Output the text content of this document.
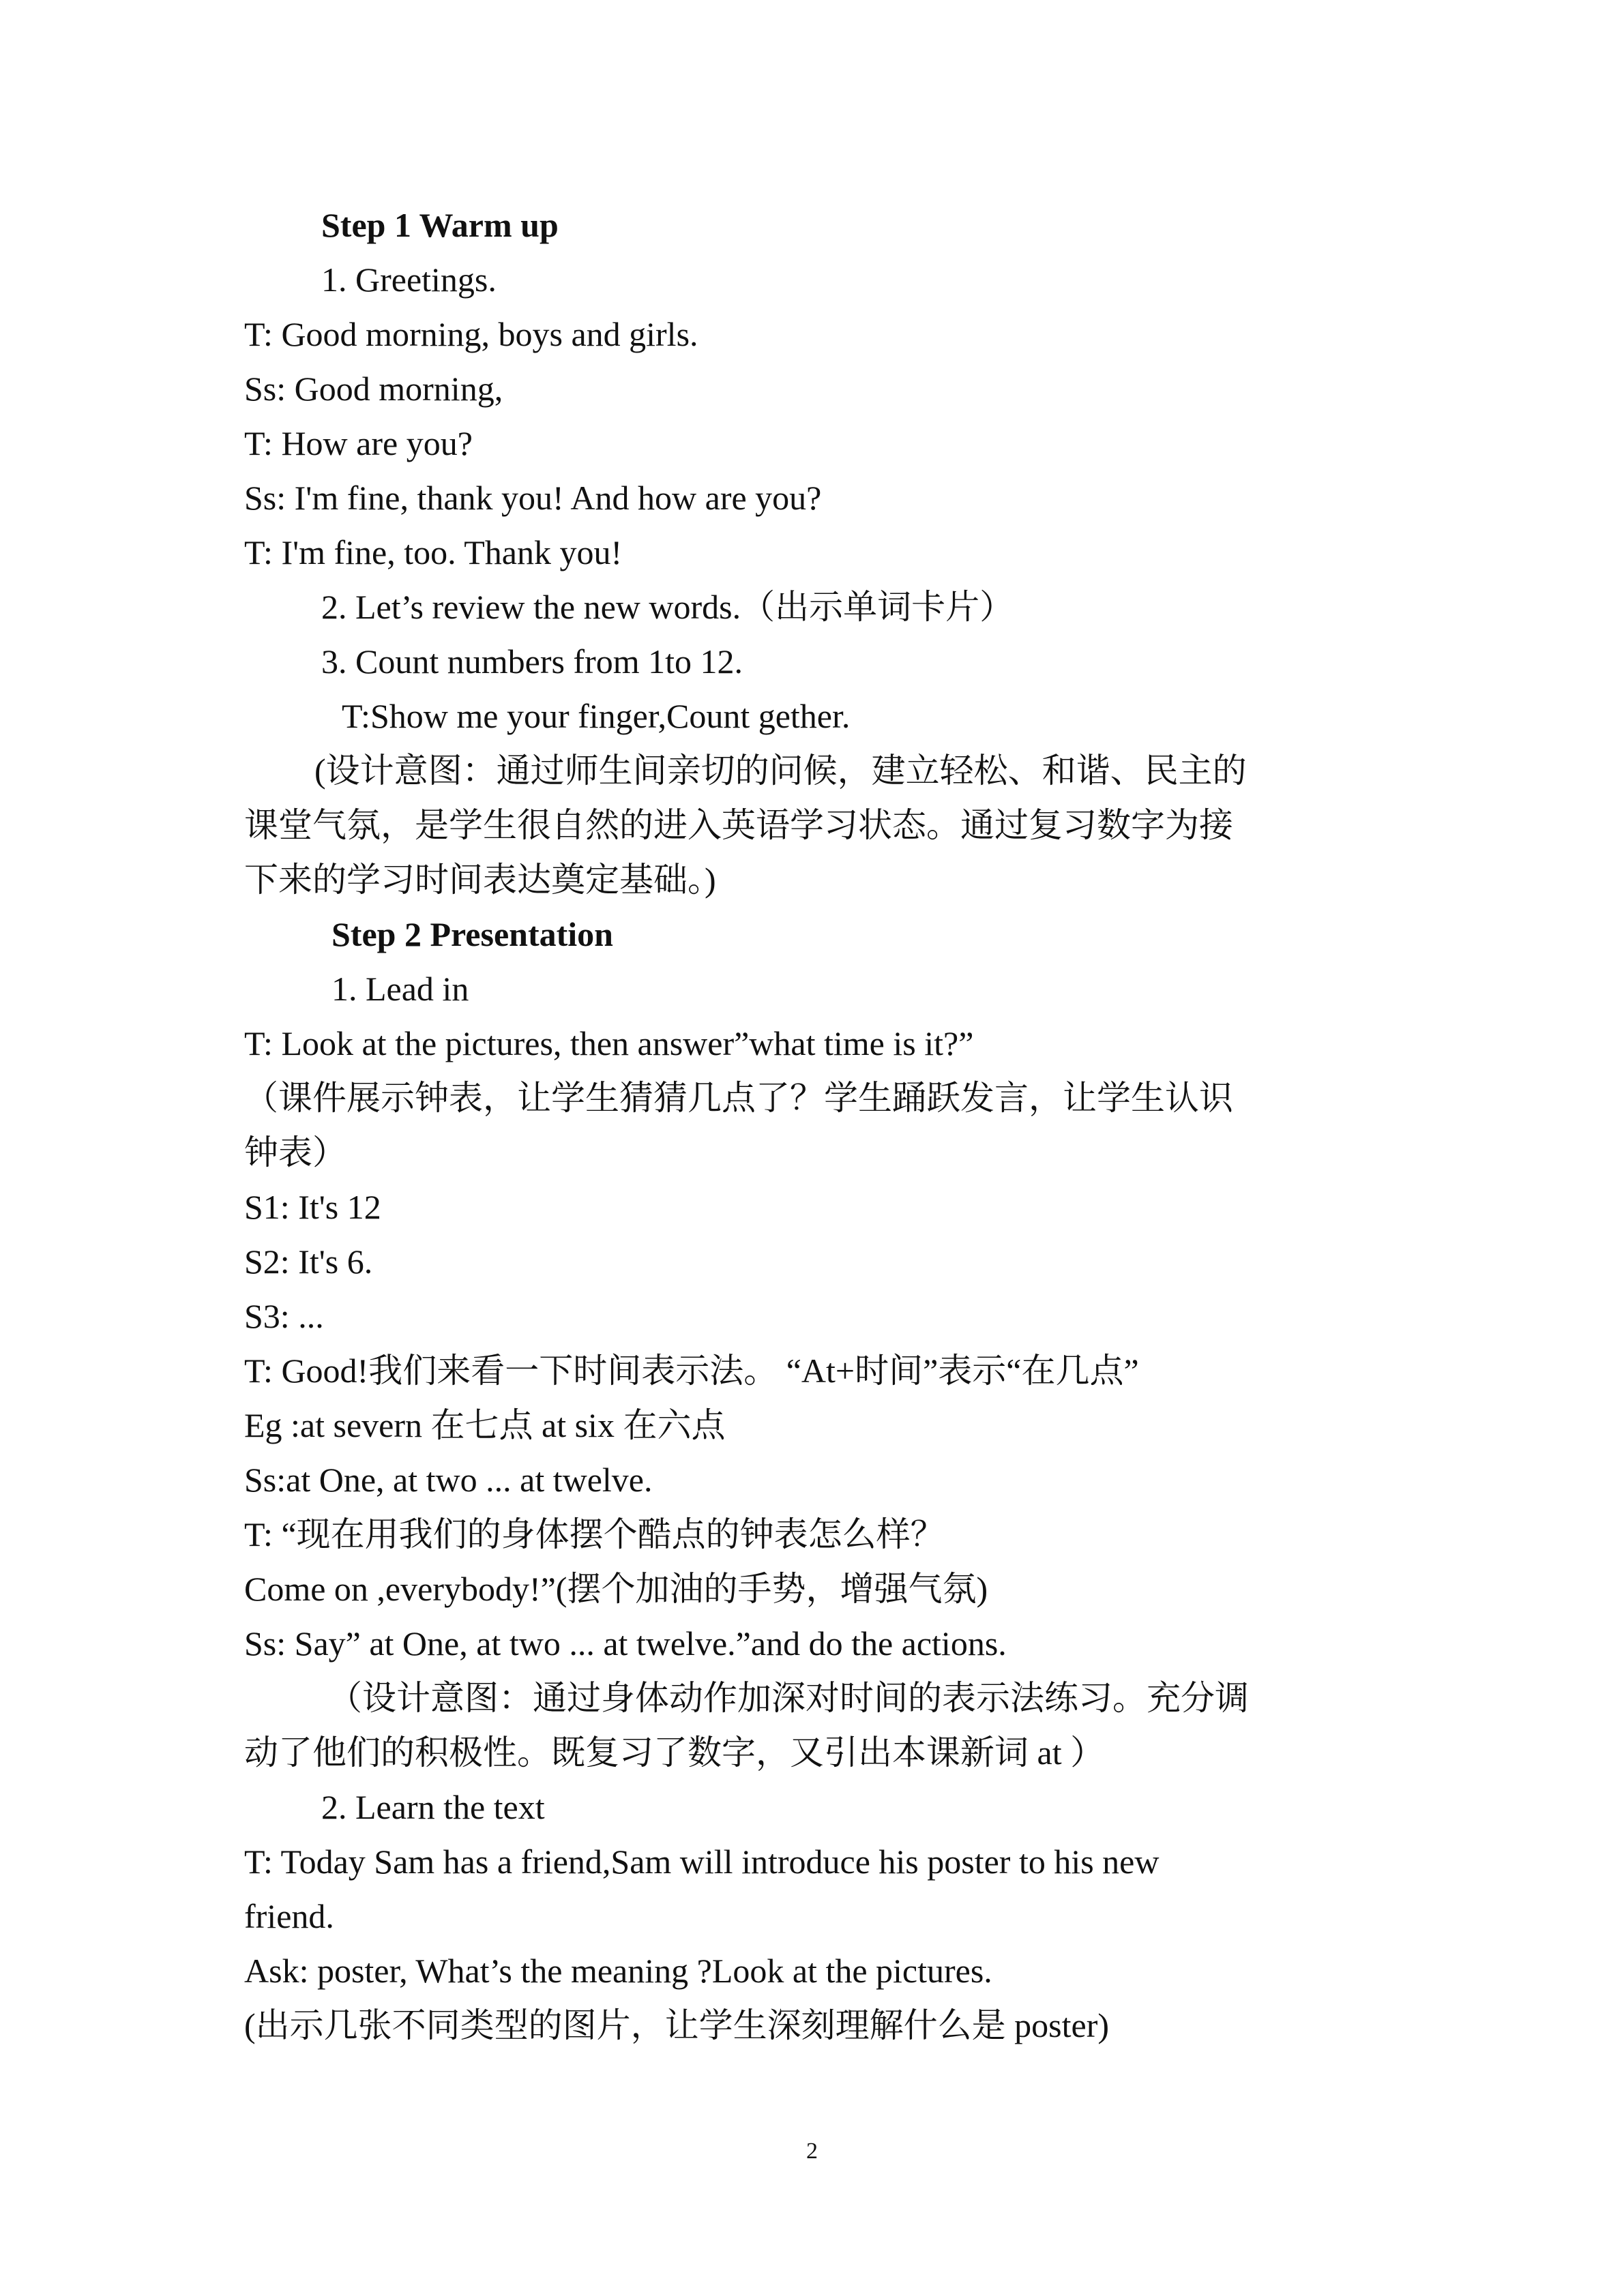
Step 1 Warm up
1. Greetings.
T: Good morning, boys and girls.
Ss: Good morning,
T: How are you?
Ss: I'm fine, thank you! And how are you?
T: I'm fine, too. Thank you!
2. Let’s review the new words.（出示单词卡片）
3. Count numbers from 1to 12.
T:Show me your finger,Count gether.
(设计意图：通过师生间亲切的问候，建立轻松、和谐、民主的
课堂气氛，是学生很自然的进入英语学习状态。通过复习数字为接
下来的学习时间表达奠定基础。)
Step 2 Presentation
1. Lead in
T: Look at the pictures, then answer”what time is it?”
（课件展示钟表，让学生猜猜几点了？学生踊跃发言，让学生认识
钟表）
S1: It's 12
S2: It's 6.
S3: ...
T: Good!我们来看一下时间表示法。 “At+时间”表示“在几点”
Eg :at severn 在七点 at six 在六点
Ss:at One, at two ... at twelve.
T: “现在用我们的身体摆个酷点的钟表怎么样？
Come on ,everybody!”(摆个加油的手势，增强气氛)
Ss: Say” at One, at two ... at twelve.”and do the actions.
（设计意图：通过身体动作加深对时间的表示法练习。充分调
动了他们的积极性。既复习了数字，又引出本课新词 at ）
2. Learn the text
T: Today Sam has a friend,Sam will introduce his poster to his new
friend.
Ask: poster, What’s the meaning ?Look at the pictures.
(出示几张不同类型的图片，让学生深刻理解什么是 poster)
2
